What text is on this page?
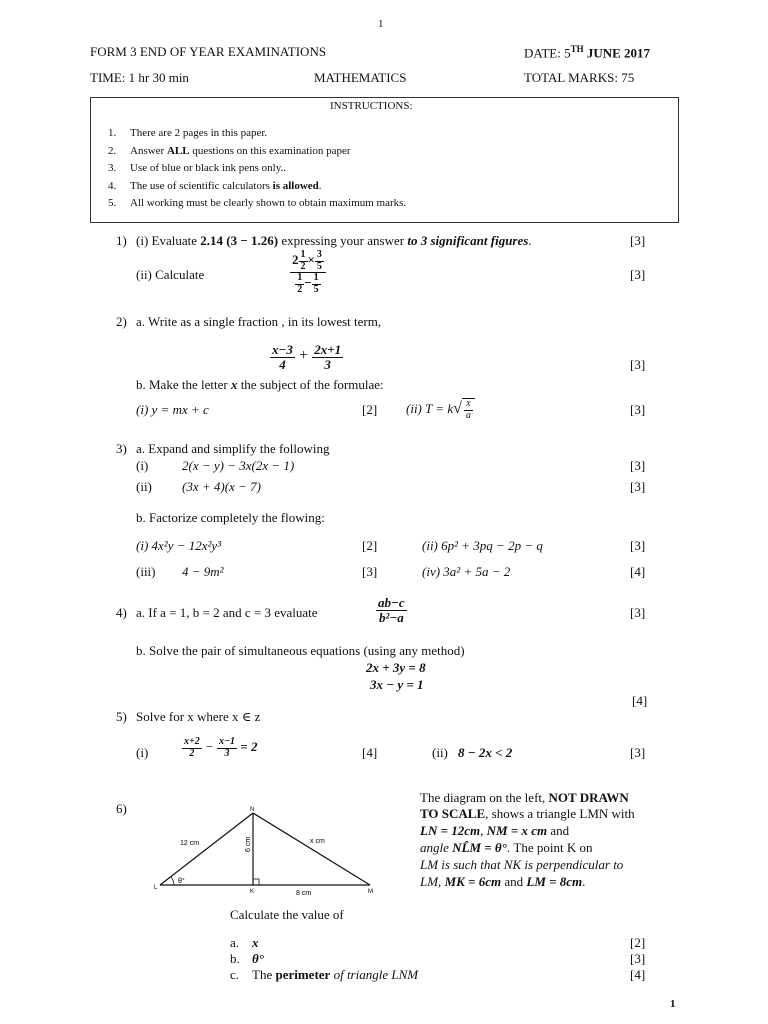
1
FORM 3 END OF YEAR EXAMINATIONS	DATE: 5TH JUNE 2017
TIME: 1 hr 30 min	MATHEMATICS	TOTAL MARKS: 75
INSTRUCTIONS:
1. There are 2 pages in this paper.
2. Answer ALL questions on this examination paper
3. Use of blue or black ink pens only..
4. The use of scientific calculators is allowed.
5. All working must be clearly shown to obtain maximum marks.
1) (i) Evaluate 2.14 (3 − 1.26) expressing your answer to 3 significant figures.	[3]
(ii) Calculate	$\frac{2 \frac{1}{2} \times \frac{3}{5}}{\frac{1}{2} - \frac{1}{5}}$	[3]
2) a. Write as a single fraction , in its lowest term,
$\frac{x-3}{4} + \frac{2x+1}{3}$	[3]
b. Make the letter x the subject of the formulae:
(i) y = mx + c	[2] (ii) $T = k√ \frac{x}{a}$	[3]
3) a. Expand and simplify the following
(i)	2(x − y) − 3x(2x − 1)	[3]
(ii) (3x + 4)(x − 7)	[3]
b. Factorize completely the flowing:
(i) 4x²y − 12x²y³	[2]	(ii) 6p² + 3pq − 2p − q	[3]
(iii) 4 − 9m²	[3]	(iv) 3a² + 5a − 2	[4]
4) a. If a = 1, b = 2 and c = 3 evaluate	$\frac{ab-c}{\text{b²−a}}$	[3]
b. Solve the pair of simultaneous equations (using any method)
2x + 3y = 8
3x − y = 1
[4]
5) Solve for x where x ∈ z
(i)	$\frac{x+2}{2} - \frac{x-1}{3} = 2$	[4]	(ii) 8 − 2x < 2	[3]
6)	N
L
K	M
12 cm	6 cm	x cm
8 cm
θ°
The diagram on the left, NOT DRAWN
TO SCALE, shows a triangle LMN with
LN = 12cm, NM = x cm and
angle NL̂M = θ°. The point K on
LM is such that NK is perpendicular to
LM, MK = 6cm and LM = 8cm.
Calculate the value of
a. x	[2]
b. θ°	[3]
c. The perimeter of triangle LNM	[4]
1
